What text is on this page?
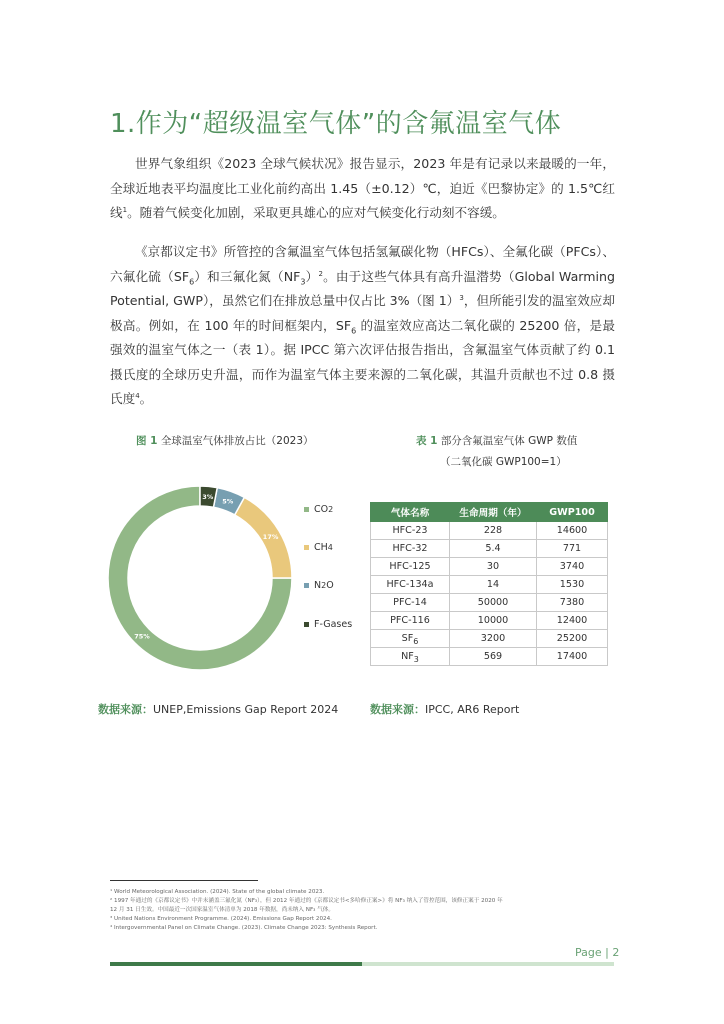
1.作为“超级温室气体”的含氟温室气体

世界气象组织《2023 全球气候状况》报告显示，2023 年是有记录以来最暖的一年，全球近地表平均温度比工业化前约高出 1.45（±0.12）℃，迫近《巴黎协定》的 1.5℃红线$^1$。随着气候变化加剧，采取更具雄心的应对气候变化行动刻不容缓。

《京都议定书》所管控的含氟温室气体包括氢氟碳化物（HFCs）、全氟化碳（PFCs）、六氟化硫$(SF_6)$和三氟化氮$(NF_3)^2$。由于这些气体具有高升温潜势（Global Warming Potential, GWP），虽然它们在排放总量中仅占比 3%（图 1）$^3$，但所能引发的温室效应却极高。例如，在 100 年的时间框架内，$SF_6$ 的温室效应高达二氧化碳的 25200 倍，是最强效的温室气体之一（表 1）。据 IPCC 第六次评估报告指出，含氟温室气体贡献了约 0.1 摄氏度的全球历史升温，而作为温室气体主要来源的二氧化碳，其温升贡献也不过 0.8 摄氏度$^4$。

图 1 全球温室气体排放占比（2023）	表 1 部分含氟温室气体 GWP 数值
（二氧化碳 GWP100=1）
75%
17%
5%
3%
CO 2
CH 4
N 2 O
F-Gases
气体名称	生命周期（年）	GWP100
HFC-23	228	14600
HFC-32	5.4	771
HFC-125	30	3740
HFC-134a	14	1530
PFC-14	50000	7380
PFC-116	10000	12400
$SF_6$	3200	25200
$NF_3$	569	17400
数据来源：UNEP,Emissions Gap Report 2024	数据来源：IPCC, AR6 Report
¹ World Meteorological Association. (2024). State of the global climate 2023.
² 1997 年通过的《京都议定书》中并未涵盖三氟化氮（NF₃），但 2012 年通过的《京都议定书<多哈修正案>》将 NF₃ 纳入了管控范围，该修正案于 2020 年
12 月 31 日生效。中国最近一次国家温室气体清单为 2018 年数据，尚未纳入 NF₃ 气体。
³ United Nations Environment Programme. (2024). Emissions Gap Report 2024.
⁴ Intergovernmental Panel on Climate Change. (2023). Climate Change 2023: Synthesis Report.
Page | 2
